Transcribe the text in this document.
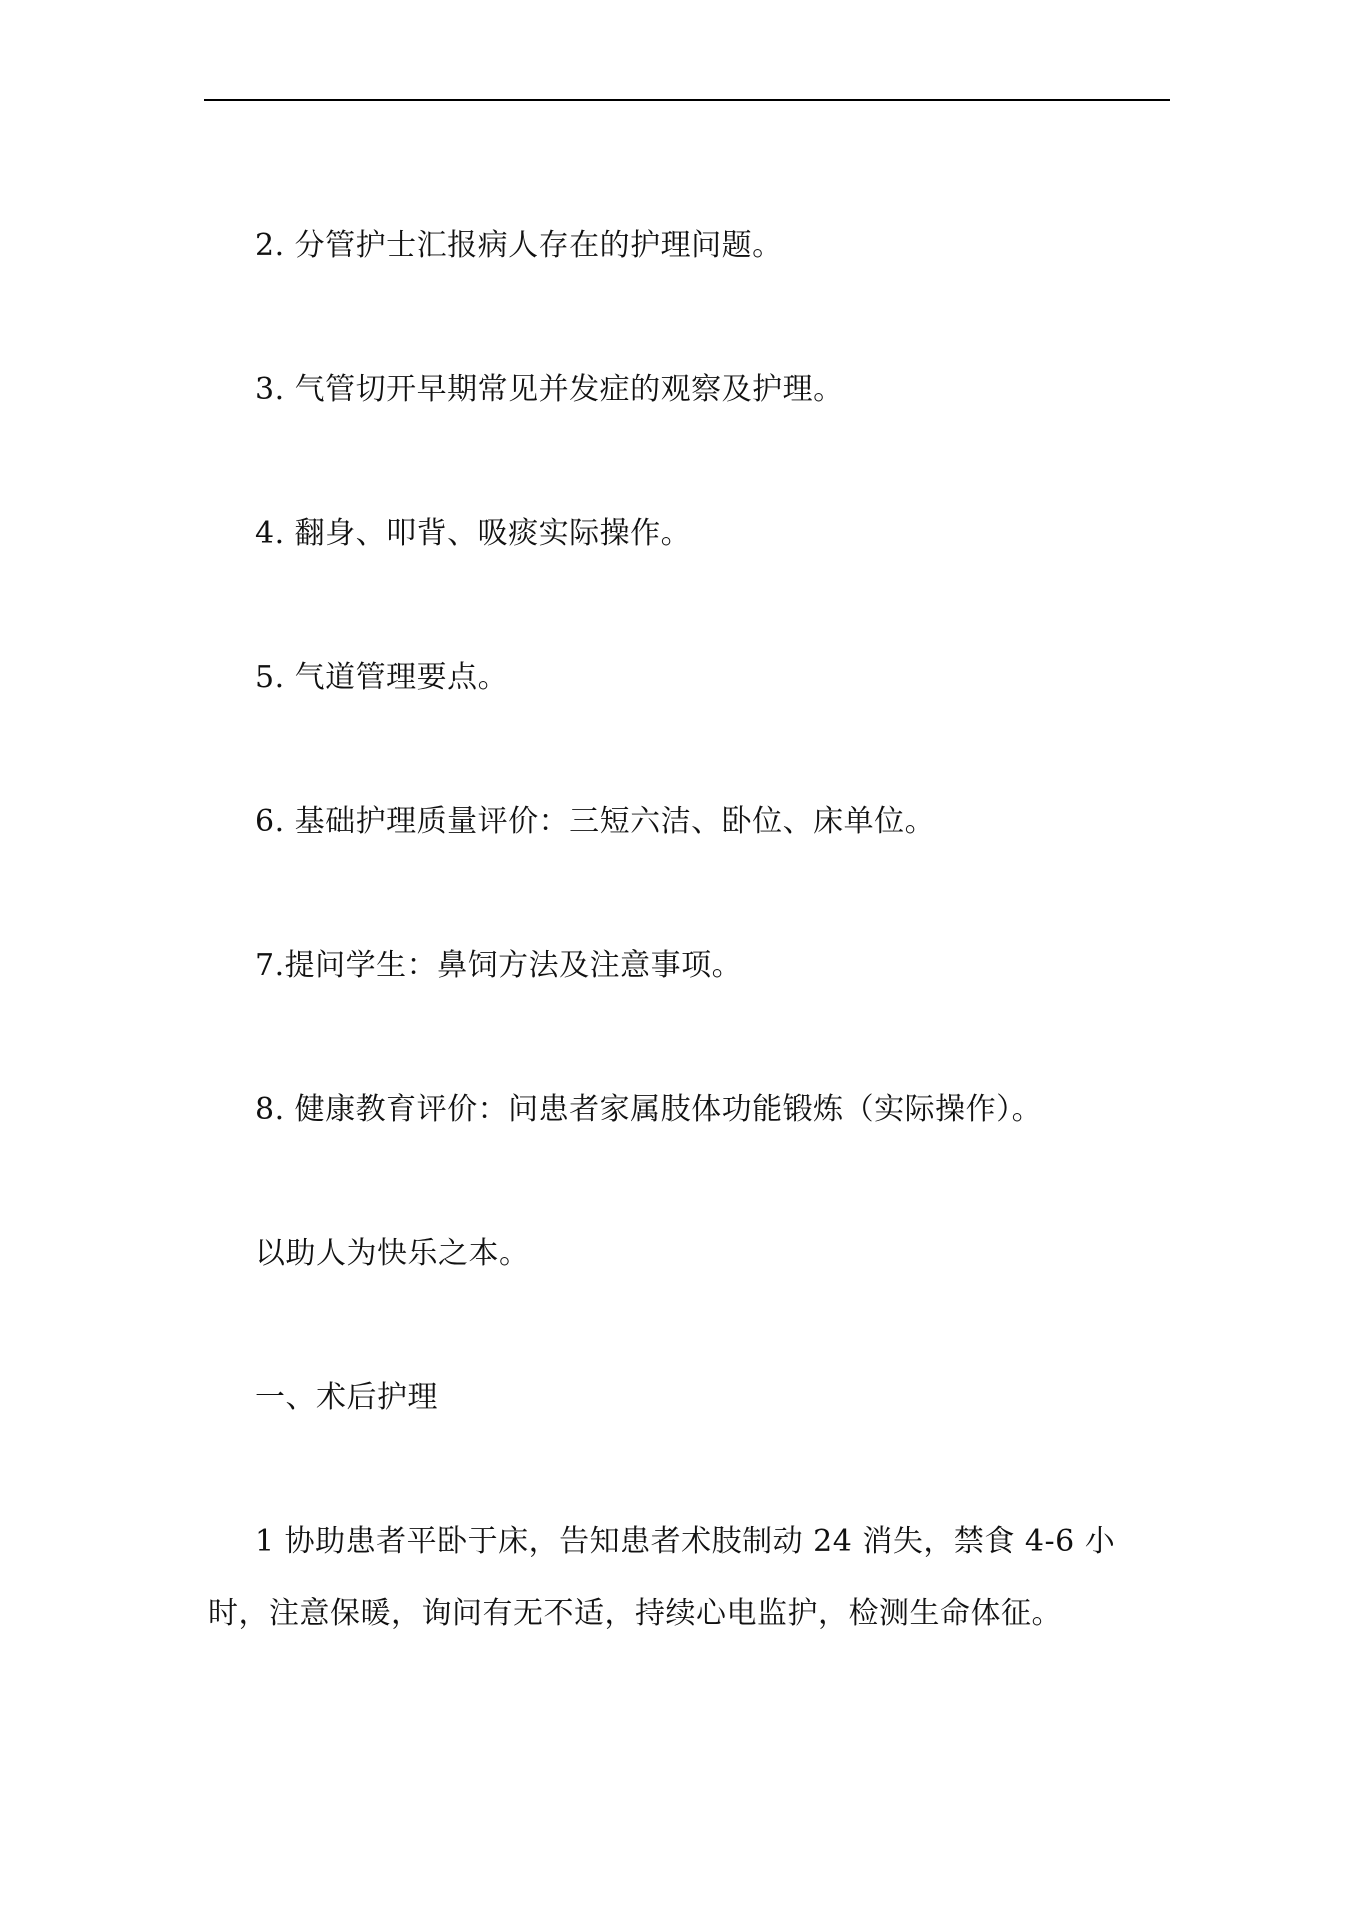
2. 分管护士汇报病人存在的护理问题。

3. 气管切开早期常见并发症的观察及护理。

4. 翻身、叩背、吸痰实际操作。

5. 气道管理要点。

6. 基础护理质量评价：三短六洁、卧位、床单位。

7.提问学生：鼻饲方法及注意事项。

8. 健康教育评价：问患者家属肢体功能锻炼（实际操作）。

以助人为快乐之本。

一、术后护理

1 协助患者平卧于床，告知患者术肢制动 24 消失，禁食 4-6 小时，注意保暖，询问有无不适，持续心电监护，检测生命体征。
